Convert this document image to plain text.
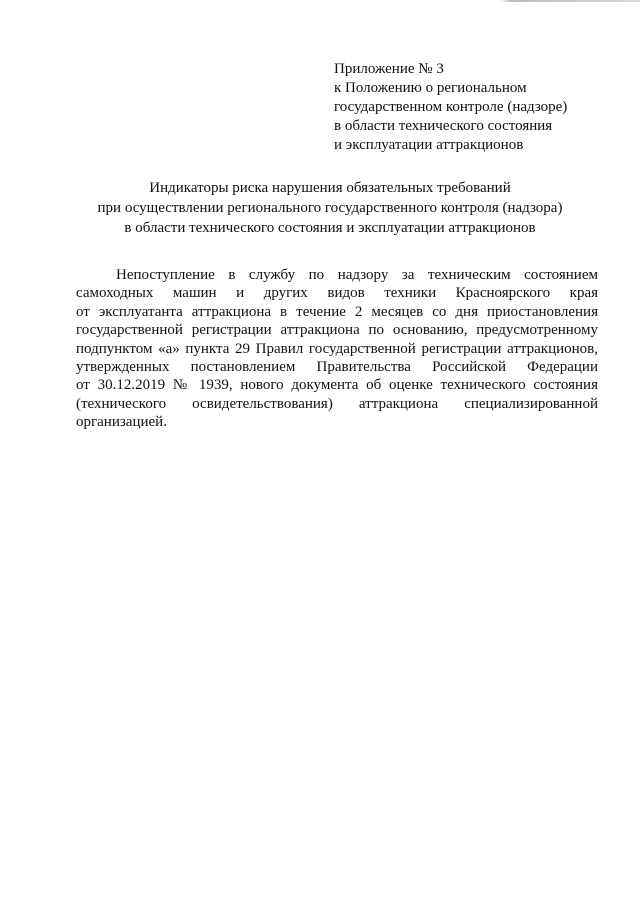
Приложение № 3
к Положению о региональном
государственном контроле (надзоре)
в области технического состояния
и эксплуатации аттракционов
Индикаторы риска нарушения обязательных требований
при осуществлении регионального государственного контроля (надзора)
в области технического состояния и эксплуатации аттракционов
Непоступление в службу по надзору за техническим состоянием
самоходных машин и других видов техники Красноярского края
от эксплуатанта аттракциона в течение 2 месяцев со дня приостановления
государственной регистрации аттракциона по основанию, предусмотренному
подпунктом «а» пункта 29 Правил государственной регистрации аттракционов,
утвержденных постановлением Правительства Российской Федерации
от 30.12.2019 № 1939, нового документа об оценке технического состояния
(технического освидетельствования) аттракциона специализированной
организацией.
